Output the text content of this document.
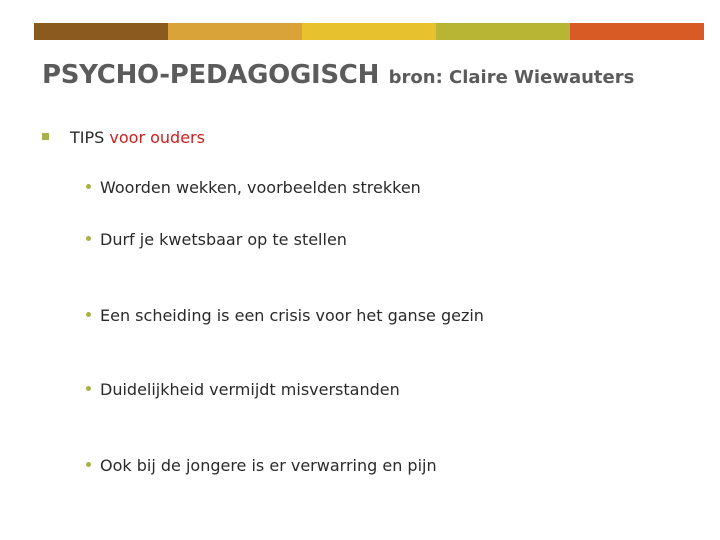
PSYCHO-PEDAGOGISCH bron: Claire Wiewauters
TIPS voor ouders
Woorden wekken, voorbeelden strekken
Durf je kwetsbaar op te stellen
Een scheiding is een crisis voor het ganse gezin
Duidelijkheid vermijdt misverstanden
Ook bij de jongere is er verwarring en pijn
